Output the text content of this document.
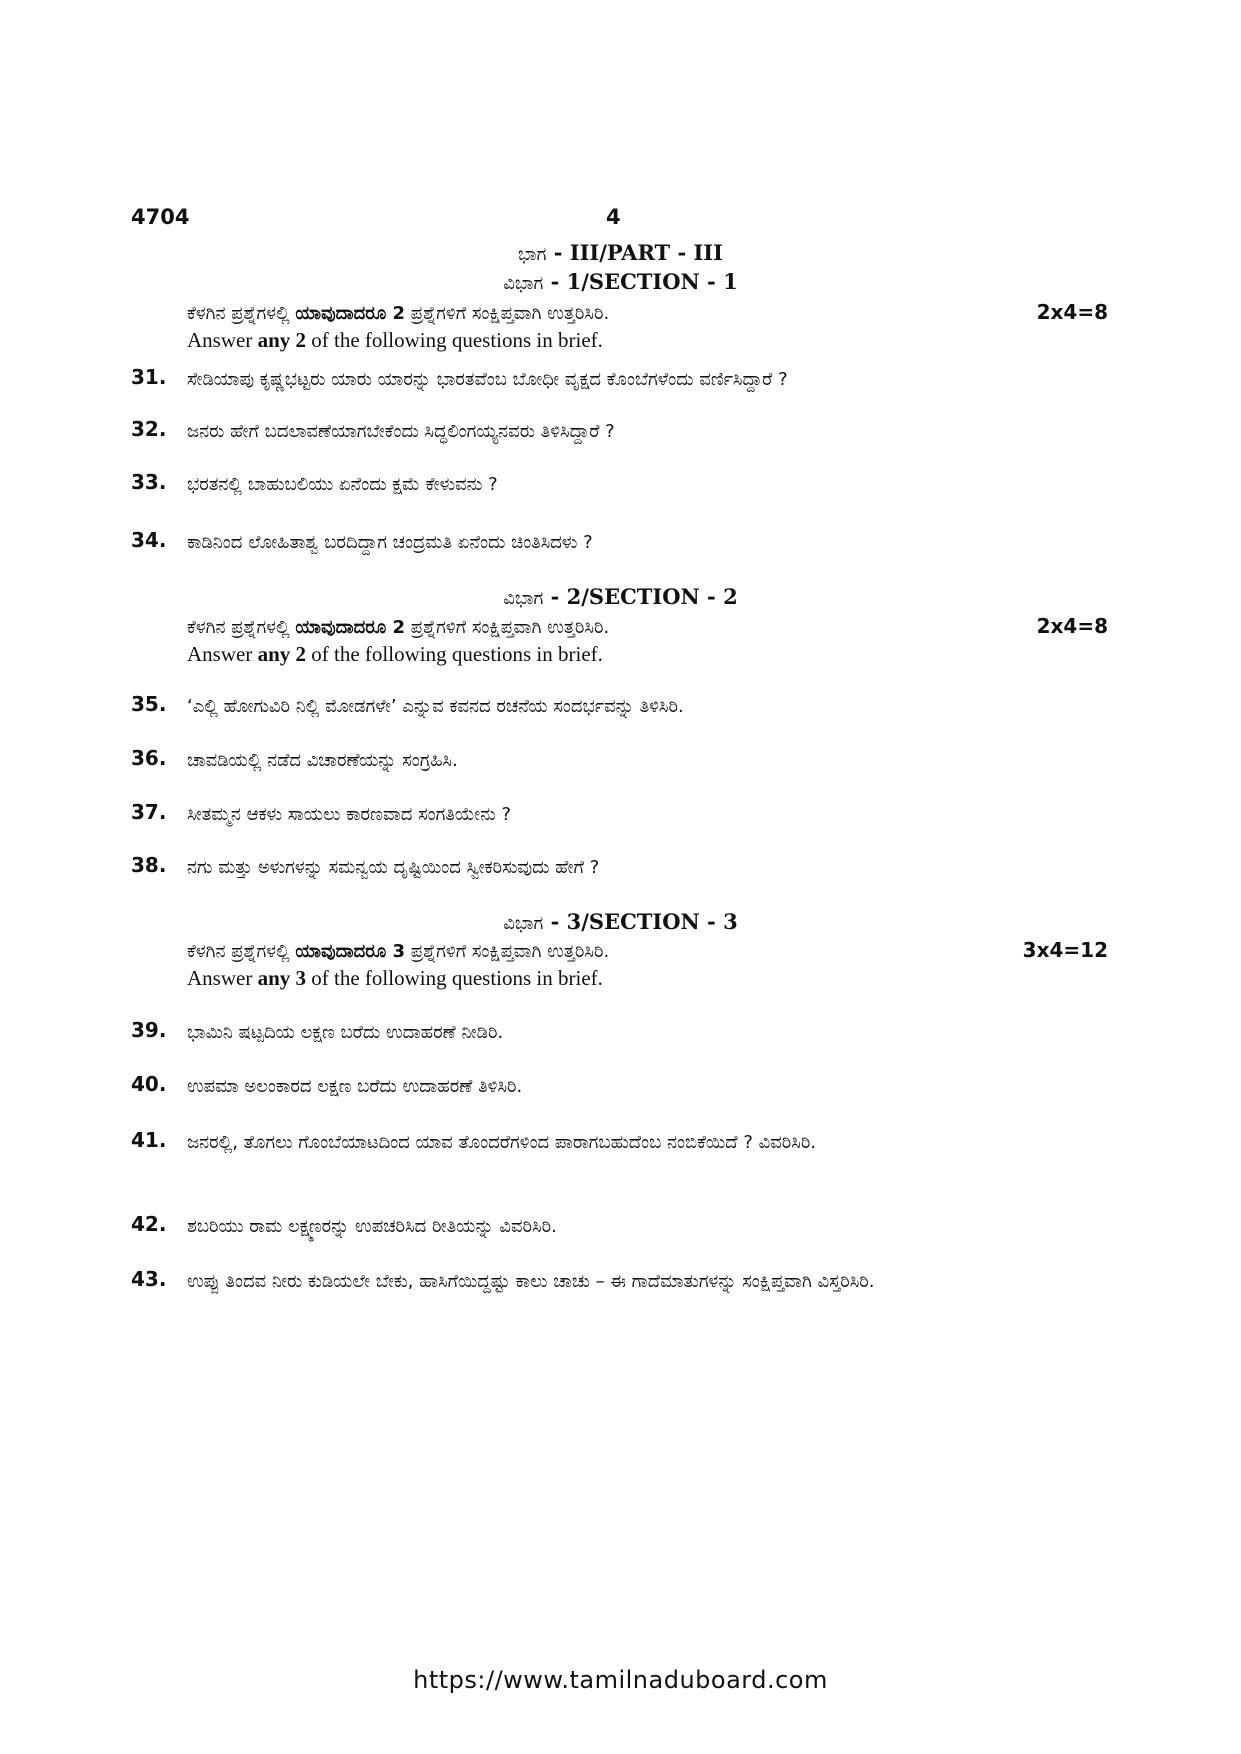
4704	4
ಭಾಗ - III/PART - III
ವಿಭಾಗ - 1/SECTION - 1
ಕೆಳಗಿನ ಪ್ರಶ್ನೆಗಳಲ್ಲಿ ಯಾವುದಾದರೂ 2 ಪ್ರಶ್ನೆಗಳಿಗೆ ಸಂಕ್ಷಿಪ್ತವಾಗಿ ಉತ್ತರಿಸಿರಿ.	2x4=8
Answer any 2 of the following questions in brief.
31. ಸೇಡಿಯಾಪು ಕೃಷ್ಣಭಟ್ಟರು ಯಾರು ಯಾರನ್ನು ಭಾರತವೆಂಬ ಬೋಧೀ ವೃಕ್ಷದ ಕೊಂಬೆಗಳೆಂದು ವರ್ಣಿಸಿದ್ದಾರೆ ?
32. ಜನರು ಹೇಗೆ ಬದಲಾವಣೆಯಾಗಬೇಕೆಂದು ಸಿದ್ಧಲಿಂಗಯ್ಯನವರು ತಿಳಿಸಿದ್ದಾರೆ ?
33. ಭರತನಲ್ಲಿ ಬಾಹುಬಲಿಯು ಏನೆಂದು ಕ್ಷಮೆ ಕೇಳುವನು ?
34. ಕಾಡಿನಿಂದ ಲೋಹಿತಾಶ್ವ ಬರದಿದ್ದಾಗ ಚಂದ್ರಮತಿ ಏನೆಂದು ಚಿಂತಿಸಿದಳು ?
ವಿಭಾಗ - 2/SECTION - 2
ಕೆಳಗಿನ ಪ್ರಶ್ನೆಗಳಲ್ಲಿ ಯಾವುದಾದರೂ 2 ಪ್ರಶ್ನೆಗಳಿಗೆ ಸಂಕ್ಷಿಪ್ತವಾಗಿ ಉತ್ತರಿಸಿರಿ.	2x4=8
Answer any 2 of the following questions in brief.
35. ‘ಎಲ್ಲಿ ಹೋಗುವಿರಿ ನಿಲ್ಲಿ ಮೋಡಗಳೇ’ ಎನ್ನುವ ಕವನದ ರಚನೆಯ ಸಂದರ್ಭವನ್ನು ತಿಳಿಸಿರಿ.
36. ಚಾವಡಿಯಲ್ಲಿ ನಡೆದ ವಿಚಾರಣೆಯನ್ನು ಸಂಗ್ರಹಿಸಿ.
37. ಸೀತಮ್ಮನ ಆಕಳು ಸಾಯಲು ಕಾರಣವಾದ ಸಂಗತಿಯೇನು ?
38. ನಗು ಮತ್ತು ಅಳುಗಳನ್ನು ಸಮನ್ವಯ ದೃಷ್ಟಿಯಿಂದ ಸ್ವೀಕರಿಸುವುದು ಹೇಗೆ ?
ವಿಭಾಗ - 3/SECTION - 3
ಕೆಳಗಿನ ಪ್ರಶ್ನೆಗಳಲ್ಲಿ ಯಾವುದಾದರೂ 3 ಪ್ರಶ್ನೆಗಳಿಗೆ ಸಂಕ್ಷಿಪ್ತವಾಗಿ ಉತ್ತರಿಸಿರಿ.	3x4=12
Answer any 3 of the following questions in brief.
39. ಭಾಮಿನಿ ಷಟ್ಪದಿಯ ಲಕ್ಷಣ ಬರೆದು ಉದಾಹರಣೆ ನೀಡಿರಿ.
40. ಉಪಮಾ ಅಲಂಕಾರದ ಲಕ್ಷಣ ಬರೆದು ಉದಾಹರಣೆ ತಿಳಿಸಿರಿ.
41. ಜನರಲ್ಲಿ, ತೊಗಲು ಗೊಂಬೆಯಾಟದಿಂದ ಯಾವ ತೊಂದರೆಗಳಿಂದ ಪಾರಾಗಬಹುದೆಂಬ ನಂಬಿಕೆಯಿದೆ ? ವಿವರಿಸಿರಿ.
42. ಶಬರಿಯು ರಾಮ ಲಕ್ಷ್ಮಣರನ್ನು ಉಪಚರಿಸಿದ ರೀತಿಯನ್ನು ವಿವರಿಸಿರಿ.
43. ಉಪ್ಪು ತಿಂದವ ನೀರು ಕುಡಿಯಲೇ ಬೇಕು, ಹಾಸಿಗೆಯಿದ್ದಷ್ಟು ಕಾಲು ಚಾಚು – ಈ ಗಾದೆಮಾತುಗಳನ್ನು ಸಂಕ್ಷಿಪ್ತವಾಗಿ ವಿಸ್ತರಿಸಿರಿ.
https://www.tamilnaduboard.com
